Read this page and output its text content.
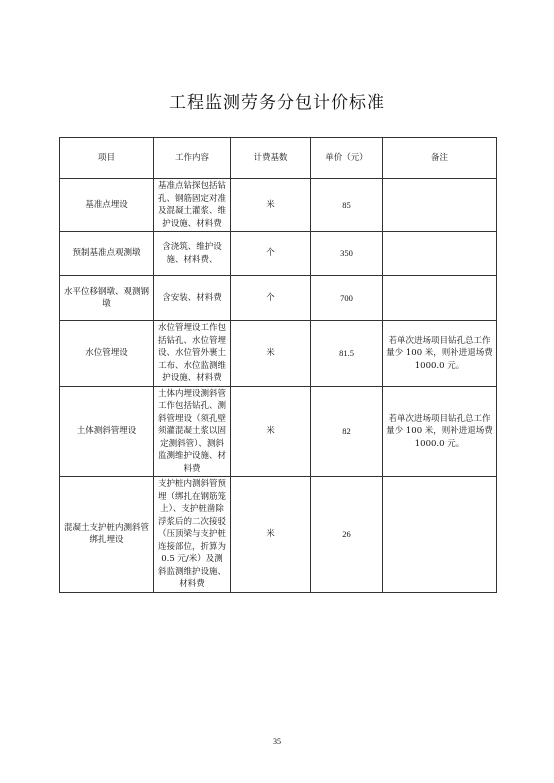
工程监测劳务分包计价标准
项目	工作内容	计费基数	单价（元）	备注
基准点埋设	基准点钻探包括钻孔、钢筋固定对准及混凝土灌浆、维护设施、材料费	米	85	
预制基准点观测墩	含浇筑、维护设施、材料费、	个	350	
水平位移钢墩、观测钢墩	含安装、材料费	个	700	
水位管埋设	水位管埋设工作包括钻孔、水位管埋设、水位管外裹土工布、水位监测维护设施、材料费	米	81.5	若单次进场项目钻孔总工作量少 100 米，则补进退场费 1000.0 元。
土体测斜管埋设	土体内埋设测斜管工作包括钻孔、测斜管埋设（须孔壁须灌混凝土浆以固定测斜管）、测斜监测维护设施、材料费	米	82	若单次进场项目钻孔总工作量少 100 米，则补进退场费 1000.0 元。
混凝土支护桩内测斜管绑扎埋设	支护桩内测斜管预埋（绑扎在钢筋笼上）、支护桩凿除浮浆后的二次接驳（压顶梁与支护桩连接部位，折算为 0.5 元/米）及测斜监测维护设施、材料费	米	26	
35
